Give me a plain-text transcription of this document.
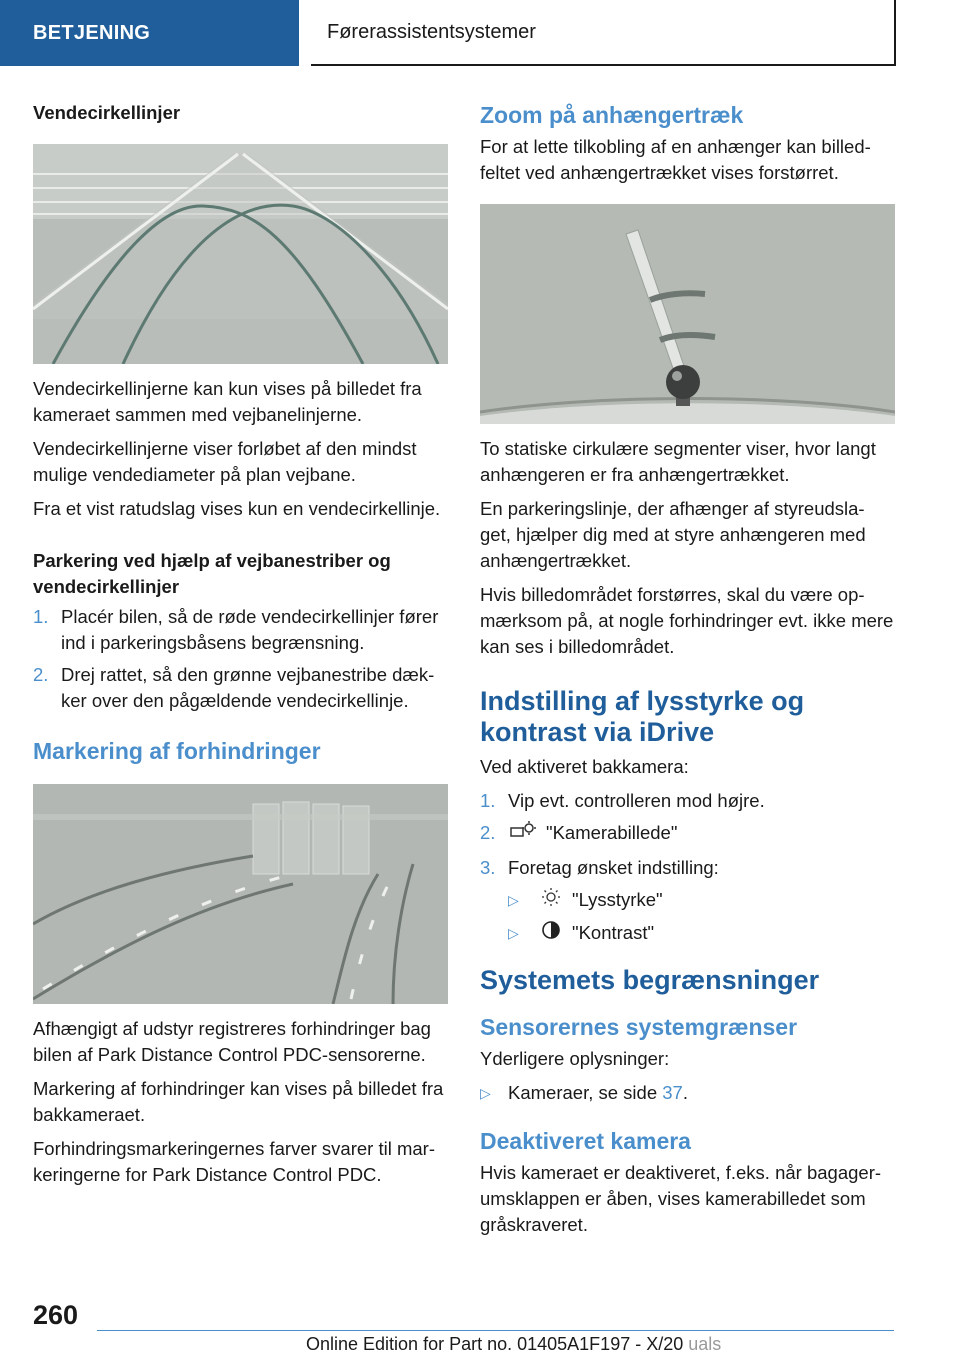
BETJENING	Førerassistentsystemer
Vendecirkellinjer

Vendecirkellinjerne kan kun vises på billedet fra kameraet sammen med vejbanelinjerne.

Vendecirkellinjerne viser forløbet af den mindst mulige vendediameter på plan vejbane.

Fra et vist ratudslag vises kun en vendecirkellinje.

Parkering ved hjælp af vejbanestriber og vendecirkellinjer
1. Placér bilen, så de røde vendecirkellinjer fører ind i parkeringsbåsens begrænsning.
2. Drej rattet, så den grønne vejbanestribe dæk-ker over den pågældende vendecirkellinje.
Markering af forhindringer

Afhængigt af udstyr registreres forhindringer bag bilen af Park Distance Control PDC-sensorerne.

Markering af forhindringer kan vises på billedet fra bakkameraet.

Forhindringsmarkeringernes farver svarer til mar-keringerne for Park Distance Control PDC.

Zoom på anhængertræk

For at lette tilkobling af en anhænger kan billed-feltet ved anhængertrækket vises forstørret.

To statiske cirkulære segmenter viser, hvor langt anhængeren er fra anhængertrækket.

En parkeringslinje, der afhænger af styreudsla-get, hjælper dig med at styre anhængeren med anhængertrækket.

Hvis billedområdet forstørres, skal du være op-mærksom på, at nogle forhindringer evt. ikke mere kan ses i billedområdet.

Indstilling af lysstyrke og kontrast via iDrive

Ved aktiveret bakkamera:

1. Vip evt. controlleren mod højre.
2.	"Kamerabillede"
3. Foretag ønsket indstilling:
▷	"Lysstyrke"
▷	"Kontrast"
Systemets begrænsninger
Sensorernes systemgrænser

Yderligere oplysninger:

▷ Kameraer, se side
37 .
Deaktiveret kamera

Hvis kameraet er deaktiveret, f.eks. når bagager-umsklappen er åben, vises kamerabilledet som gråskraveret.

260
Online Edition for Part no. 01405A1F197 - X/20 uals
